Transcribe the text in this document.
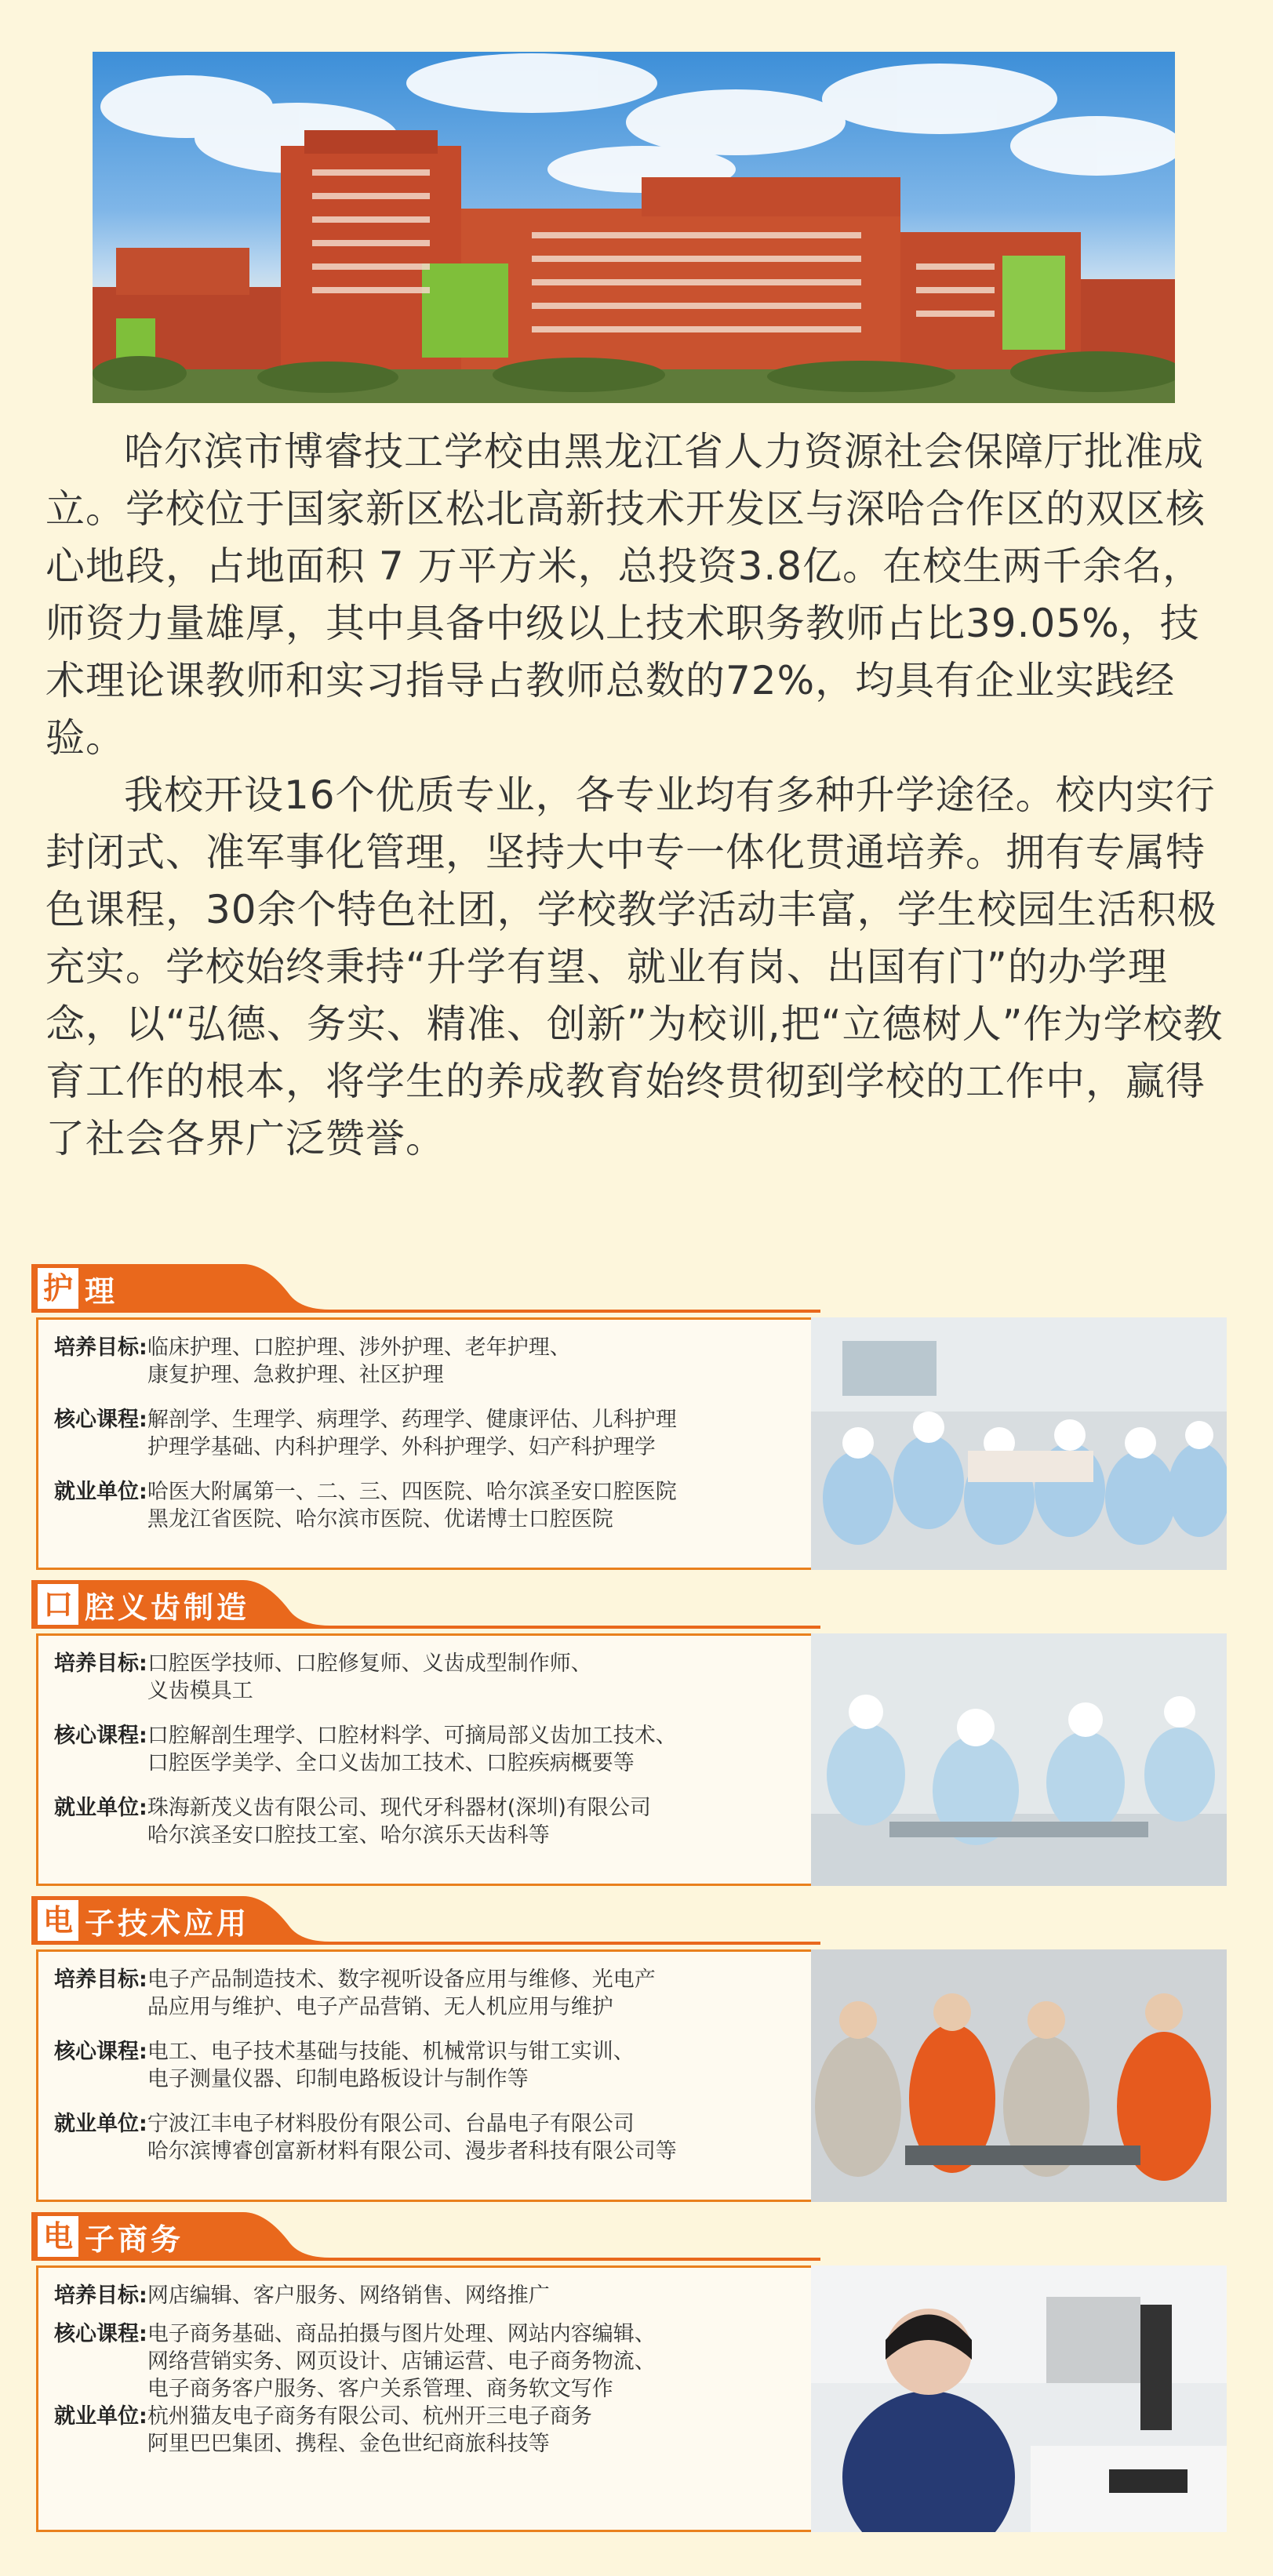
哈尔滨市博睿技工学校由黑龙江省人力资源社会保障厅批准成立。学校位于国家新区松北高新技术开发区与深哈合作区的双区核心地段，占地面积 7 万平方米，总投资3.8亿。在校生两千余名，师资力量雄厚，其中具备中级以上技术职务教师占比39.05%，技术理论课教师和实习指导占教师总数的72%，均具有企业实践经验。

我校开设16个优质专业，各专业均有多种升学途径。校内实行封闭式、准军事化管理，坚持大中专一体化贯通培养。拥有专属特色课程，30余个特色社团，学校教学活动丰富，学生校园生活积极充实。学校始终秉持“升学有望、就业有岗、出国有门”的办学理念，以“弘德、务实、精准、创新”为校训,把“立德树人”作为学校教育工作的根本，将学生的养成教育始终贯彻到学校的工作中，赢得了社会各界广泛赞誉。

护 理
培养目标: 临床护理、口腔护理、涉外护理、老年护理、
康复护理、急救护理、社区护理
核心课程: 解剖学、生理学、病理学、药理学、健康评估、儿科护理
护理学基础、内科护理学、外科护理学、妇产科护理学
就业单位: 哈医大附属第一、二、三、四医院、哈尔滨圣安口腔医院
黑龙江省医院、哈尔滨市医院、优诺博士口腔医院
口 腔义齿制造
培养目标: 口腔医学技师、口腔修复师、义齿成型制作师、
义齿模具工
核心课程: 口腔解剖生理学、口腔材料学、可摘局部义齿加工技术、
口腔医学美学、全口义齿加工技术、口腔疾病概要等
就业单位: 珠海新茂义齿有限公司、现代牙科器材(深圳)有限公司
哈尔滨圣安口腔技工室、哈尔滨乐天齿科等
电 子技术应用
培养目标: 电子产品制造技术、数字视听设备应用与维修、光电产
品应用与维护、电子产品营销、无人机应用与维护
核心课程: 电工、电子技术基础与技能、机械常识与钳工实训、
电子测量仪器、印制电路板设计与制作等
就业单位: 宁波江丰电子材料股份有限公司、台晶电子有限公司
哈尔滨博睿创富新材料有限公司、漫步者科技有限公司等
电 子商务
培养目标: 网店编辑、客户服务、网络销售、网络推广
核心课程: 电子商务基础、商品拍摄与图片处理、网站内容编辑、
网络营销实务、网页设计、店铺运营、电子商务物流、
电子商务客户服务、客户关系管理、商务软文写作
就业单位: 杭州猫友电子商务有限公司、杭州开三电子商务
阿里巴巴集团、携程、金色世纪商旅科技等
